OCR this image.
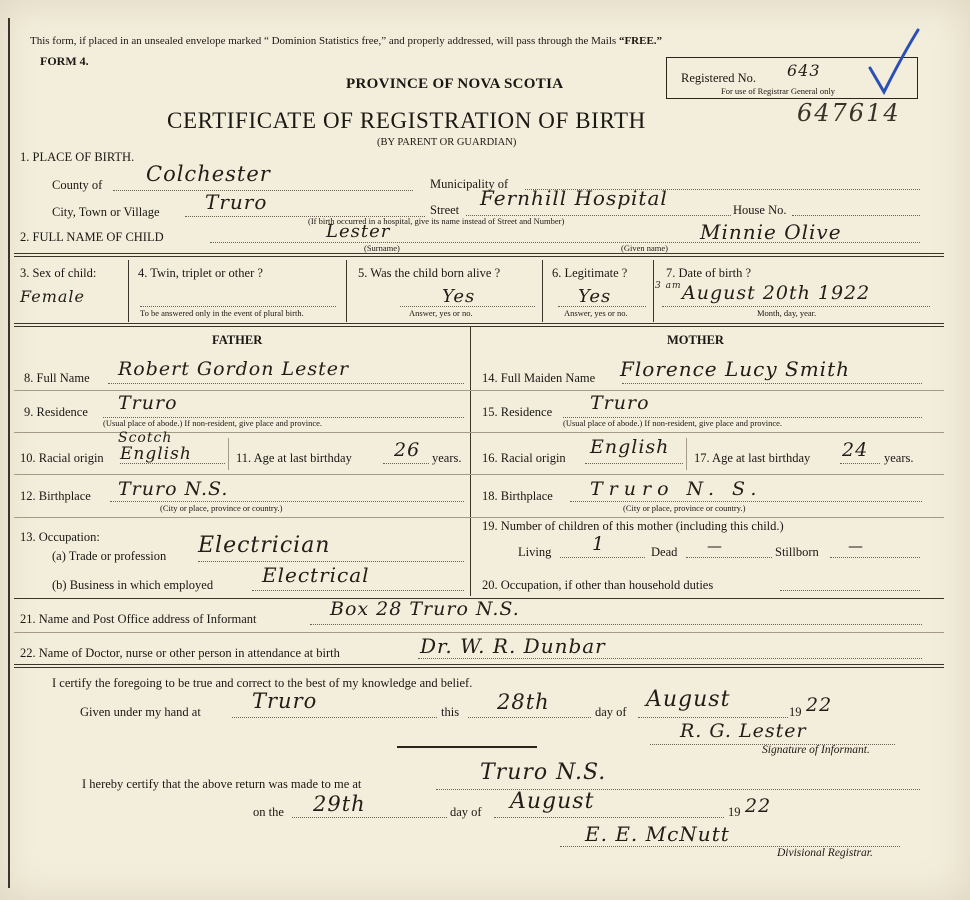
This form, if placed in an unsealed envelope marked “ Dominion Statistics free,” and properly addressed, will pass through the Mails “FREE.”
FORM 4.
PROVINCE OF NOVA SCOTIA
CERTIFICATE OF REGISTRATION OF BIRTH
(BY PARENT OR GUARDIAN)
Registered No. 643
For use of Registrar General only
647614
1. PLACE OF BIRTH.
County of Colchester	Municipality of
City, Town or Village Truro	Street Fernhill Hospital	House No.
(If birth occurred in a hospital, give its name instead of Street and Number)
2. FULL NAME OF CHILD	Lester
(Surname)
Minnie Olive
(Given name)
3. Sex of child:
Female
4. Twin, triplet or other ?
To be answered only in the event of plural birth.
5. Was the child born alive ?
Yes
Answer, yes or no.
6. Legitimate ?
Yes
Answer, yes or no.
7. Date of birth ?
3 am August 20th 1922
Month, day, year.
FATHER	MOTHER
8. Full Name Robert Gordon Lester
9. Residence Truro
(Usual place of abode.) If non-resident, give place and province.
Scotch
10. Racial origin English	11. Age at last birthday 26 years.
12. Birthplace Truro N.S.
(City or place, province or country.)
13. Occupation:
(a) Trade or profession Electrician
(b) Business in which employed Electrical
14. Full Maiden Name Florence Lucy Smith
15. Residence Truro
(Usual place of abode.) If non-resident, give place and province.
16. Racial origin English 17. Age at last birthday 24 years.
18. Birthplace Truro N. S.
(City or place, province or country.)
19. Number of children of this mother (including this child.)
Living 1	Dead —	Stillborn —
20. Occupation, if other than household duties
21. Name and Post Office address of Informant	Box 28 Truro N.S.
22. Name of Doctor, nurse or other person in attendance at birth	Dr. W. R. Dunbar
I certify the foregoing to be true and correct to the best of my knowledge and belief.
Given under my hand at Truro	this 28th	day of August	19 22
R. G. Lester
Signature of Informant.
I hereby certify that the above return was made to me at	Truro N.S.
on the 29th	day of August	19 22
E. E. McNutt
Divisional Registrar.
